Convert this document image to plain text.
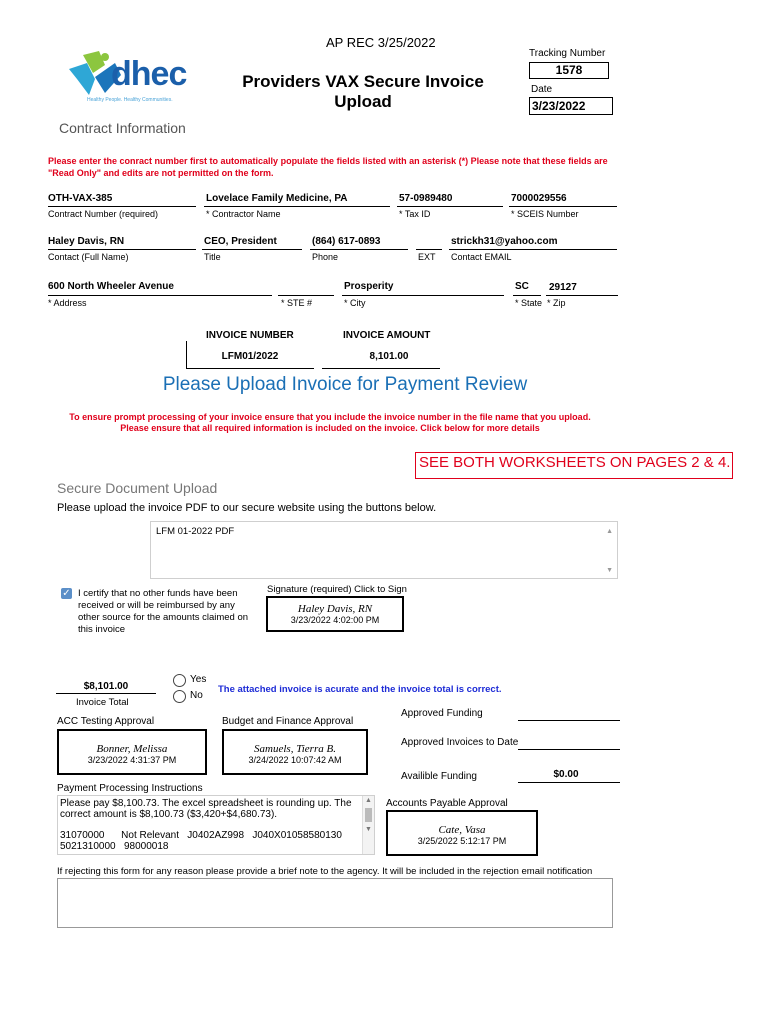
AP REC 3/25/2022
dhec
Healthy People. Healthy Communities.
Providers VAX Secure Invoice
Upload
Tracking Number
1578
Date
3/23/2022
Contract Information
Please enter the conract number first to automatically populate the fields listed with an asterisk (*) Please note that these fields are "Read Only" and edits are not permitted on the form.
OTH-VAX-385
Contract Number (required)
Lovelace Family Medicine, PA
* Contractor Name
57-0989480
* Tax ID
7000029556
* SCEIS Number
Haley Davis, RN
Contact (Full Name)
CEO, President
Title
(864) 617-0893
Phone	EXT
strickh31@yahoo.com
Contact EMAIL
600 North Wheeler Avenue
* Address	* STE #
Prosperity
* City
SC
* State
29127
* Zip
INVOICE NUMBER	INVOICE AMOUNT
LFM01/2022	8,101.00
Please Upload Invoice for Payment Review
To ensure prompt processing of your invoice ensure that you include the invoice number in the file name that you upload.
Please ensure that all required information is included on the invoice. Click below for more details
SEE BOTH WORKSHEETS ON PAGES 2 & 4.
Secure Document Upload
Please upload the invoice PDF to our secure website using the buttons below.
LFM 01-2022 PDF	▲
▼
✓ I certify that no other funds have been received or will be reimbursed by any other source for the amounts claimed on this invoice
Signature (required) Click to Sign
Haley Davis, RN
3/23/2022 4:02:00 PM
$8,101.00
Invoice Total
Yes
No
The attached invoice is acurate and the invoice total is correct.
ACC Testing Approval
Bonner, Melissa
3/23/2022 4:31:37 PM
Budget and Finance Approval
Samuels, Tierra B.
3/24/2022 10:07:42 AM
Approved Funding
Approved Invoices to Date
Availible Funding	$0.00
Payment Processing Instructions
Please pay $8,100.73. The excel spreadsheet is rounding up. The
correct amount is $8,100.73 ($3,420+$4,680.73).
31070000      Not Relevant   J0402AZ998   J040X01058580130
5021310000   98000018
▲
▼
Accounts Payable Approval
Cate, Vasa
3/25/2022 5:12:17 PM
If rejecting this form for any reason please provide a brief note to the agency. It will be included in the rejection email notification
